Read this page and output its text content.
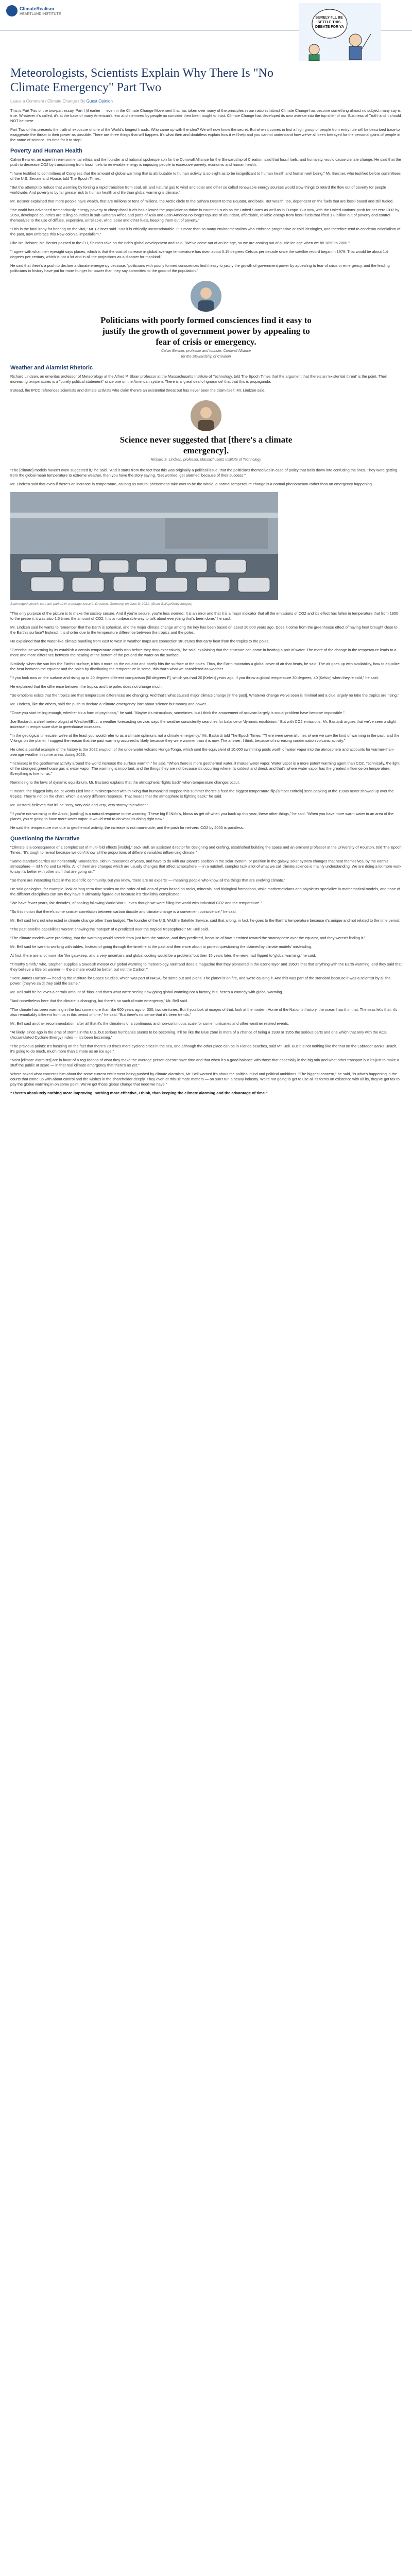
ClimateRealism
HEARTLAND INSTITUTE
SURELY I'LL BE SETTLE THIS DEBATE FOR YA
Meteorologists, Scientists Explain Why There Is "No Climate Emergency" Part Two
Leave a Comment / Climate Change / By Guest Opinion

This is Part Two of the two-part essay. Part I (if earlier — even in the Climate Change Movement that has taken over many of the principles in our nation's fabric) Climate Change has become something almost no subject many say is true. Whatever it's called, it's at the base of many American's fear and stemmed by people no consider their been taught to trust. Climate Change has developed its own avenue into the top shelf of our 'Business of Truth' and it should NOT be there.

Part Two of this presents the truth of exposure of one of the World's longest frauds. Who came up with the idea? We will now know the secret. But when it comes in first a high group of people from entry rule will be described trace to exaggerate the threat to their power as possible. There are three things that will happen. It's what their and doubtless explain how it will help and you cannot understand how we've all been betrayed for the personal gains of people in the name of science. It's time for it to stop!

Poverty and Human Health

Calvin Beisner, an expert in environmental ethics and the founder and national spokesperson for the Cornwall Alliance for the Stewardship of Creation, said that fossil fuels, and humanity, would cause climate change. He said that the push to decrease CO2 by transitioning from fossil fuels to renewable energy is imposing people to excessive poverty, economic and human health.

"I have testified to committees of Congress that the amount of global warming that is attributable to human activity is so slight as to be insignificant to human health and human well being," Mr. Beisner, who testified before committees of the U.S. Senate and House, told The Epoch Times.

"But the attempt to reduce that warming by forcing a rapid transition from coal, oil, and natural gas to wind and solar and other so called renewable energy sources would slow things to retard the flow out of poverty for people worldwide. And poverty is by far greater risk to human health and life than global warming is climate."

Mr. Beisner explained that more people have wealth, that are millions or tens of millions, the Arctic circle to the Sahara Desert to the Equator, and back. But wealth, too, dependent on the fuels that are fossil-based and still fueled.

"the world has advanced tremendously, energy poverty to cheap fossil fuels has allowed the population to thrive in countries such as the United States as well as in Europe. But now, with the United Nations' push for net zero CO2 by 2050, developed countries are telling countries in sub-Saharan Africa and parts of Asia and Latin America no longer tap use of abundant, affordable, reliable energy from fossil fuels that lifted 1.8 billion out of poverty and control themselves to the use of diffuse, expensive, unreliable, wind, solar and other fuels, keeping them out of poverty."

"This is the fatal irony for bearing on the vital," Mr. Beisner said. "But it is ethically unconscionable. It is more than so many environmentalists who embrace progressive or cold ideologies, and therefore tend to condemn colonialism of the past, now embrace this New colonial imperialism."

Like Mr. Beisner, Mr. Berner pointed to the EU, Shinto's take on the rich's global development and said, "We've come out of an ice age, so we are coming out of a little ice age when we hit 1850 to 2000."

"I agree with what their eyesight says places, which is that the cost of increase in global average temperature has risen about 0.15 degrees Celsius per decade since the satellite record began in 1979. That would be about 1.4 degrees per century, which is not a lot and in all the projections as a disaster for mankind."

He said that there's a push to declare a climate emergency because, "politicians with poorly formed consciences find it easy to justify the growth of government power by appealing to fear of crisis or emergency, and the leading politicians in history have put for more hunger for power than they say committed to the good of the population."

Politicians with poorly formed consciences find it easy to justify the growth of government power by appealing to fear of crisis or emergency.
Calvin Beisner, professor and founder, Cornwall Alliance
for the Stewardship of Creation
Weather and Alarmist Rhetoric

Richard Lindzen, an emeritus professor of Meteorology at the Alfred P. Sloan professor at the Massachusetts Institute of Technology, told The Epoch Times that the argument that there's an 'existential threat' is the point. Their increasing temperatures is a "purely political statement" since one on the American system. There is a 'great deal of ignorance' that that this is propaganda.

Instead, the IPCC references scientists and climate activists who claim there's an existential threat but has never been the claim itself, Mr. Lindzen said.

Science never suggested that [there's a climate emergency].
Richard S. Lindzen, professor, Massachusetts Institute of Technology

"The [climate] models haven't even suggested it," he said. "And it starts from the fact that this was originally a political issue, that the politicians themselves in case of policy that boils down into confusing the lines. They were getting from the global mean temperature to extreme weather, then you have the story saying. 'Get worried, get alarmed' because of their success."

Mr. Lindzen said that even if there's an increase in temperature, as long as natural phenomena take over to be the whole, a normal temperature change is a normal phenomenon rather than an emergency happening.

Submerged electric cars are parked in a storage lease in Dresden, Germany, on June 8, 2021. (Sean Gallup/Getty Images)

"The only purpose of the picture is to make the society secure. And if you're secure, you're less worried. It is an error and that it is a major indicator that all the emissions of CO2 and it's effect has fallen in temperature that from 1950 to the present, it was also 1.5 times the amount of CO2. It is an unbearable way to talk about everything that's been done," he said.

Mr. Lindzen said he wants to remember that the Earth is spherical, and the major climate change among the key has been based on about 20,000 years ago. Does it come from the greenhouse effect of having heat brought close to the Earth's surface? Instead, it is shorter due to the temperature difference between the tropics and the poles.

He explained that the water-like climate handling from east to west in weather maps are connection structures that carry heat from the tropics to the poles.

"Greenhouse warming by its establish a certain temperature distribution before they drop excessively," he said, explaining that the structure can come in heating a pair of water. The more of the change in the temperature leads to a more and more difference between the heating at the bottom of the pot and the water on the surface.

Similarly, when the sun hits the Earth's surface, it hits it more on the equator and barely hits the surface at the poles. Thus, the Earth maintains a global cover of air that heats, he said. The air goes up with availability, how to equalize the heat between the equator and the poles by distributing the temperature in some, this that's what we considered as weather.

"If you look now on the surface and rising up to 20 degrees different comparison [50 degrees F], which you had 20 [Kelvin] years ago. If you throw a global temperature 30 degrees, 40 [Kelvin] when they're cold," he said.

He explained that the difference between the tropics and the poles does not change much.

"So emotions exists that the tropics are that temperature differences are changing. And that's what caused major climate change [in the past]. Whatever change we've seen is minimal and a clue largely no take the tropics are rising."

Mr. Lindzen, like the others, said the push to declare a 'climate emergency' isn't about science but money and power.

"Once you start telling enough, whether it's a form of psychosis," he said. "Maybe it's miraculous, sometimes, but I think the amazement of activism largely is social problem have become impossible."

Joe Bastardi, a chief meteorologist at WeatherBELL, a weather forecasting service, says the weather consistently searches for balance or 'dynamic equilibrium.' But with CO2 emissions, Mr. Bastardi argues that we've seen a slight increase in temperature due to greenhouse increases.

"In the geological timescale, we're at the least you would refer to as a climate optimum, not a climate emergency," Mr. Bastardi told The Epoch Times. "There were several times where we saw the kind of warming in the past, and the Vikings on the planet. I suggest the reason that the past warming occurred is likely because they were warmer than it is now. The answer: I think, because of increasing condensation volcanic activity."

He cited a painful example of the history is the 2022 eruption of the underwater volcano Hunga Tonga, which sent the equivalent of 10,000 swimming pools worth of water vapor into the atmosphere and accounts for warmer-than-average weather in some areas during 2023.

"Increases in the geothermal activity around the world increase the surface warmth," he said. "When there is more geothermal water, it makes water vapor. Water vapor is a more potent warming agent than CO2. Technically, the light of the strongest greenhouse gas is water vapor. The warming is important, and the things they are not because it's occurring where it's coldest and driest, and that's where water vapor has the greatest influence on temperature. Everything is fine for us."

Reminding to the laws of dynamic equilibrium, Mr. Bastardi explains that the atmospheric "lights back" when temperature changes occur.

"I meant, the biggest lofty doubt words Lied into a misinterpreted with thinking that humankind stopped this summer there's a feed the biggest temperature flip [almost entirely] seen peaking at the 1990s never showed up over the tropics. They're not on the chart, which is a very different response. That means that the atmosphere is fighting back," he said.

Mr. Bastardi believes that it'll be "very, very cold and very, very stormy this winter."

"If you're not warming in the Arctic, [cooling] is a natural response to the warming. These big El Niño's, blows us get off when you back up this year, these other things," he said. "When you have more warm water in an area of the planet, you're going to have more water vapor. It would tend to do what it's doing right now."

He said the temperature rise due to geothermal activity, the increase is not man-made, and the push for net-zero CO2 by 2050 is pointless.

Questioning the Narrative

"Climate is a consequence of a complex set of multi-fold effects [inside]," Jack Bell, an assistant director for designing and crafting, established building the space and an eminent professor at the University of Houston, told The Epoch Times. "It's tough to reveal because we don't know all the proportions of different variables influencing climate."

"Some standard carries out horizontally. Boundaries, skin in thousands of years, and have to do with our planet's position in the solar system, or position in the galaxy, solar system changes that heat themselves, by the earth's atmosphere — El Niño and La Niña. All of them are changes which are usually changes that affect atmosphere — in a nutshell, complex task a lot of what we call climate science is mainly understanding. We are doing a lot more work to say it's better with other stuff that are going on."

"So there are interesting facts in the scientific community, but you know, 'there are no experts' — meaning people who know all the things that are evolving climate."

He said geologists, for example, look at long-term time scales on the order of millions of years based on rocks, minerals, and biological formations, while mathematicians and physicists specialize in mathematical models, and none of the different disciplines can say they have it ultimately figured out because it's 'devilishly complicated.'

"We have fewer years, fair decades, of cooling following World War II, even though we were filling the world with industrial CO2 and the temperature."

"So this notion that there's some sinister correlation between carbon dioxide and climate change is a convenient coincidence," he said.

Mr. Bell said he's not interested in climate change other than budget. The founder of the U.S. Wildlife Satellite Service, said that a long, in fact, he goes to the Earth's temperature because it's unique and not related to the time period.

"The past satellite capabilities weren't showing the 'hotspot' of 6 predicted over the tropical troposphere," Mr. Bell said.

"The climate models were predicting, that the warming would stretch from just from the surface, and they predicted, because of how it emitted toward the stratosphere over the equator, and they weren't finding it."

Mr. Bell said he went to working with tables. Instead of going through the timeline at the past and then more about to protect questioning the claimed by climate models' misleading.

At first, there are a lot more like 'the gatekeep, and a very uncertain, and global cooling would be a problem,' but then 15 years later, the news had flipped to 'global warming,' he said.

"Timothy Smith," who, Stephen supplies a Swedish meteor our global warming to meteorology. Bertrand does a magazine that they pioneered in the ozone layer and 1960's that that anything with the Earth warming, and they said that they believe a little bit warmer — the climate would be better, but not the Carbon."

"Here James Hansen — heading the Institute for Space Studies, which was part of NASA, for some out and plans. The planet is on fire, and we're causing it. And this was part of the standard because it was a scientist by all the power. [they've said] they said the same."

Mr. Bell said he believes a certain amount of 'bias' and that's what we're seeing now going global warming not a factory, but, here's a comedy with global warming.

"And nonetheless here that the climate is changing, but there's no such climate emergency," Mr. Bell said.

"The climate has been warming in the last some more than like 600 years ago or 300, two centuries. But if you look at images of that, look at the modern Home of the Nation in history, the ocean hasn't in that. The seas let's that, it's also remarkably different from us in this period of time," he said. "But there's no sense that it's been trends."

Mr. Bell said another recommendation, after all that it's the climate is of a continuous and non-continuous scale for some hurricanes and other weather related events.

"At likely, since ago in the eras of storms in the U.S. but serious hurricanes seems to be becoming. It'll be like the Blue zone is more of a chance of being a 1938 or 1955 the serious parts and one which that only with the ACE (Accumulated Cyclone Energy) index — it's been lessening."

"The previous points: It's focusing on the fact that there's 70 times more cyclone cities in the sea, and although the other place can be in Florida beaches, said Mr. Bell. But it is not nothing like the that on the Labrador Banks Beach, it's going to do much, much more than climate as an ice age."

"Most [climate alarmists] are in favor of a regulations of what they make the average person doesn't have time and that when it's a good balance with those that especially in the big rain and what other transport but it's just to make a stuff the public at scare — in that real climate emergency that there's as yet."

Where asked what concerns him about the some current excitement being pushed by climate alarmism, Mr. Bell warned it's about the political mind and political ambitions. "The biggest concern," he said, "is what's happening in the courts that come up with about control and the wishes in the shareholder deeply. They even at this ultimate matters — on sun't run a heavy industry. We're not going to get to use all its forms on existence with all its, they've got tax to pay the global warming in on some point. We've got those global change that need we have."

"There's absolutely nothing more improving, nothing more effective, I think, than keeping the climate alarming and the advantage of time."
